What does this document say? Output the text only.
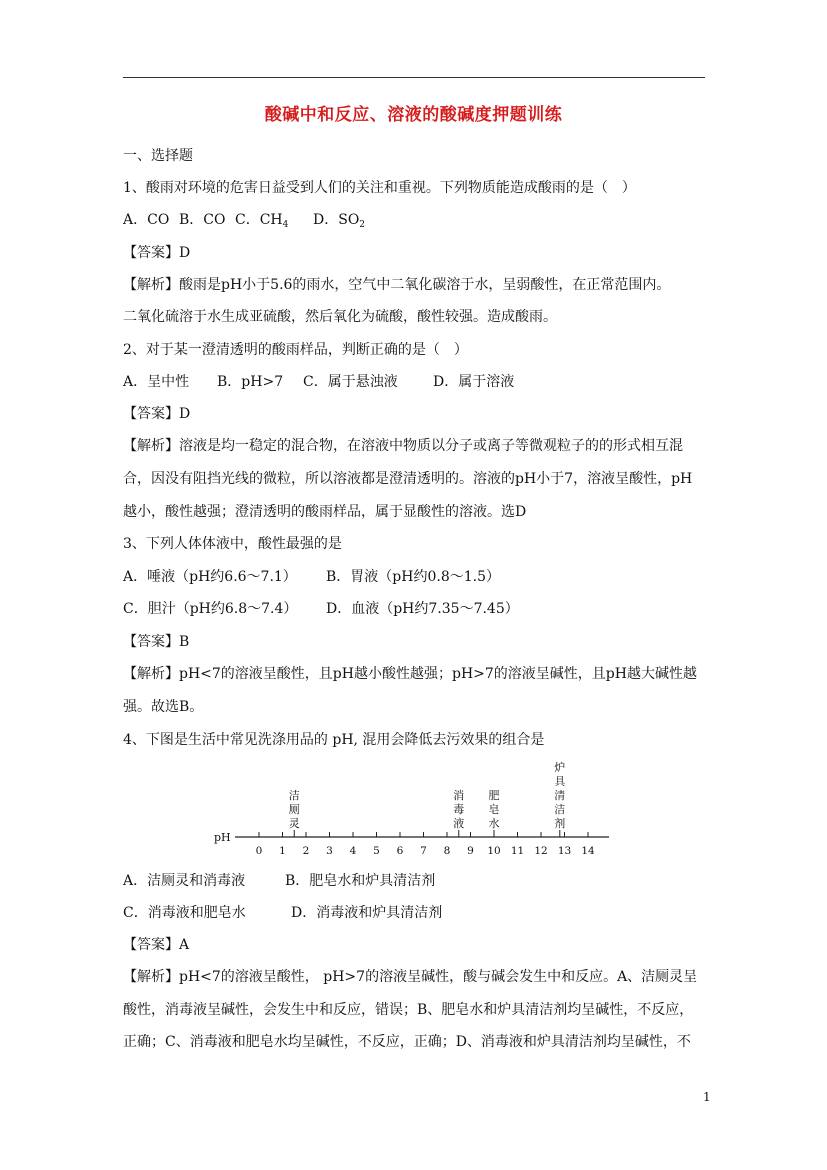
酸碱中和反应、溶液的酸碱度押题训练
一、选择题
1、酸雨对环境的危害日益受到人们的关注和重视。下列物质能造成酸雨的是（　）
A．CO B．CO C．$CH_4$ D．$SO_2$
【答案】D
【解析】酸雨是pH小于5.6的雨水，空气中二氧化碳溶于水，呈弱酸性，在正常范围内。
二氧化硫溶于水生成亚硫酸，然后氧化为硫酸，酸性较强。造成酸雨。
2、对于某一澄清透明的酸雨样品，判断正确的是（　）
A．呈中性 B．pH>7 C．属于悬浊液	D．属于溶液
【答案】D
【解析】溶液是均一稳定的混合物，在溶液中物质以分子或离子等微观粒子的的形式相互混
合，因没有阻挡光线的微粒，所以溶液都是澄清透明的。溶液的pH小于7，溶液呈酸性，pH
越小，酸性越强；澄清透明的酸雨样品，属于显酸性的溶液。选D
3、下列人体体液中，酸性最强的是
A．唾液（pH约6.6～7.1） B．胃液（pH约0.8～1.5）
C．胆汁（pH约6.8～7.4） D．血液（pH约7.35～7.45）
【答案】B
【解析】pH<7的溶液呈酸性，且pH越小酸性越强；pH>7的溶液呈碱性，且pH越大碱性越
强。故选B。
4、下图是生活中常见洗涤用品的 pH, 混用会降低去污效果的组合是
pH
0 1 2 3 4 5 6 7 8 9 10 11 12 13 14
洁
厕
灵
消
毒
液
肥
皂
水
炉
具
清
洁
剂
A．洁厕灵和消毒液	B．肥皂水和炉具清洁剂
C．消毒液和肥皂水	D．消毒液和炉具清洁剂
【答案】A
【解析】pH<7的溶液呈酸性， pH>7的溶液呈碱性，酸与碱会发生中和反应。A、洁厕灵呈
酸性，消毒液呈碱性，会发生中和反应，错误；B、肥皂水和炉具清洁剂均呈碱性，不反应，
正确；C、消毒液和肥皂水均呈碱性，不反应，正确；D、消毒液和炉具清洁剂均呈碱性，不
1
